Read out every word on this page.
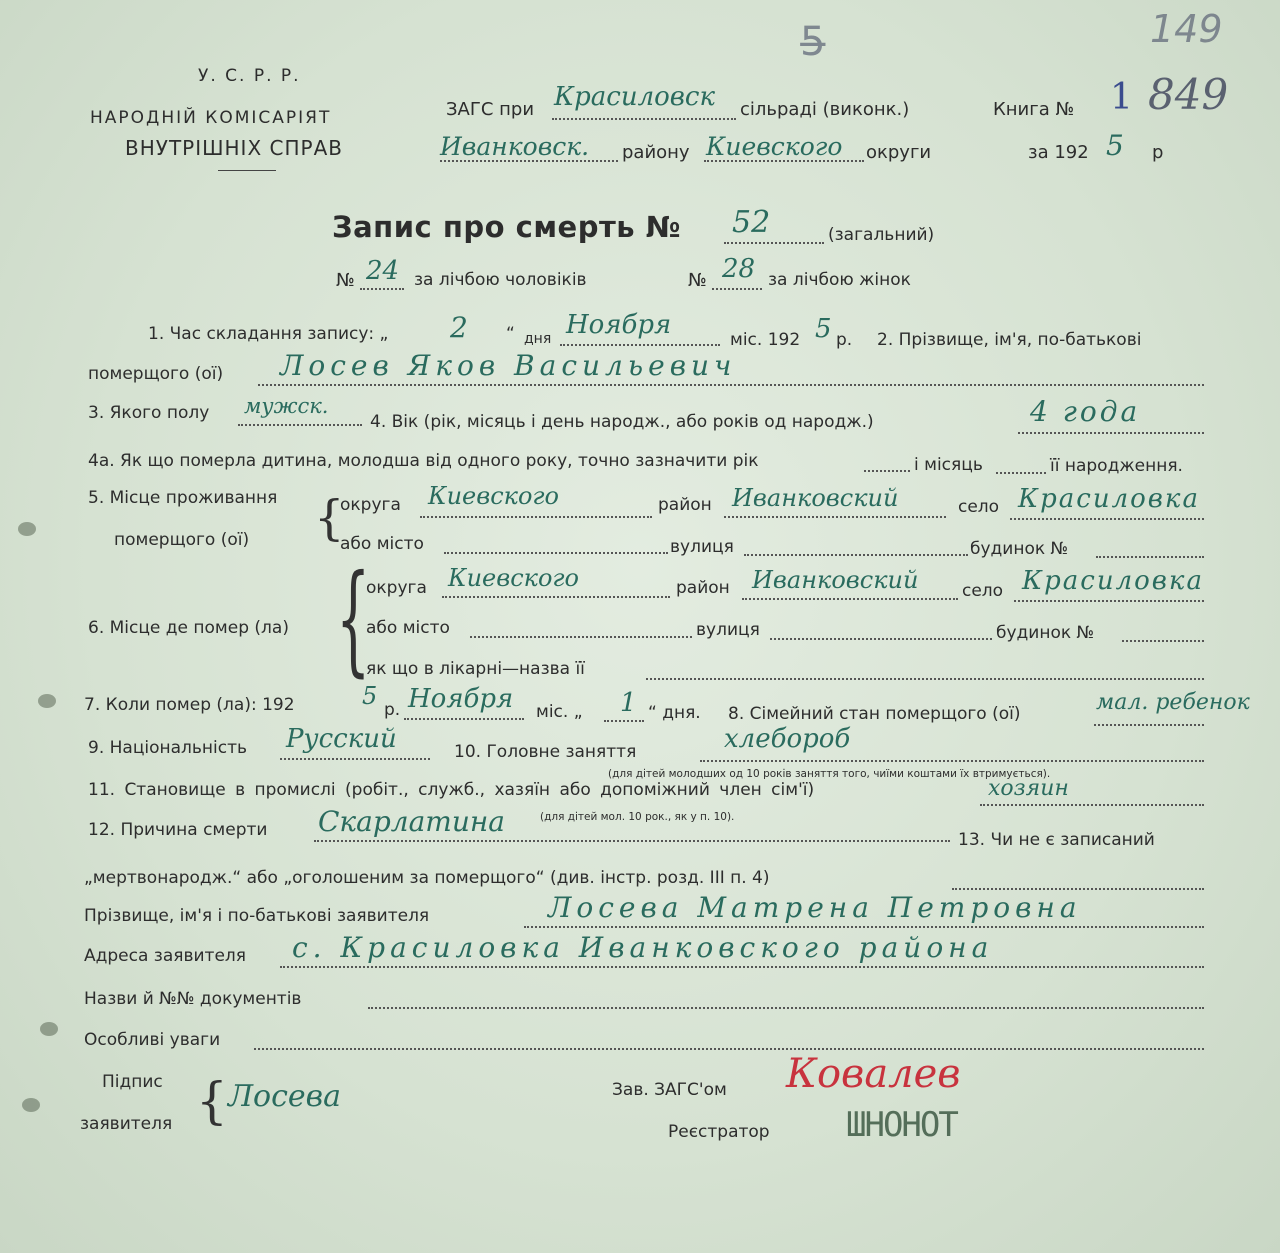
5̶	149
У. С. Р. Р.
НАРОДНІЙ КОМІСАРІЯТ
ВНУТРІШНІХ СПРАВ
ЗАГС при Красиловск сільраді (виконк.)
Иванковск. району Киевского округи
Книга № 1 849
за 192 5 р
Запис про смерть № 52	(загальний)
№ 24 за лічбою чоловіків	№ 28 за лічбою жінок
1. Час складання запису: „ 2 “ дня Ноября	міс. 192 5 р. 2. Прізвище, ім'я, по-батькові
померщого (ої) Лосев Яков Васильевич
3. Якого полу мужск.
4. Вік (рік, місяць і день народж., або років од народж.)	4 года
4а. Як що померла дитина, молодша від одного року, точно зазначити рік	і місяць	її народження.
5. Місце проживання
померщого (ої) {
округа Киевского	район Иванковский	село Красиловка
або місто	вулиця	будинок №
6. Місце де помер (ла) {
округа Киевского	район Иванковский	село Красиловка
або місто	вулиця	будинок №
як що в лікарні—назва її
7. Коли помер (ла): 192	5 р. Ноября міс. „ 1 “ дня. 8. Сімейний стан померщого (ої)	мал. ребенок
9. Національність Русский	10. Головне заняття	хлебороб
(для дітей молодших од 10 років заняття того, чиїми коштами їх втримується).
11. Становище в промислі (робіт., служб., хазяїн або допоміжний член сім'ї)	хозяин
12. Причина смерти Скарлатина	(для дітей мол. 10 рок., як у п. 10).
13. Чи не є записаний
„мертвонародж.“ або „оголошеним за померщого“ (див. інстр. розд. III п. 4)
Прізвище, ім'я і по-батькові заявителя	Лосева Матрена Петровна
Адреса заявителя с. Красиловка Иванковского района
Назви й №№ документів
Особливі уваги
Підпис
заявителя { Лосева	Зав. ЗАГС'ом Ковалев
Реєстратор ШНОНОТ
